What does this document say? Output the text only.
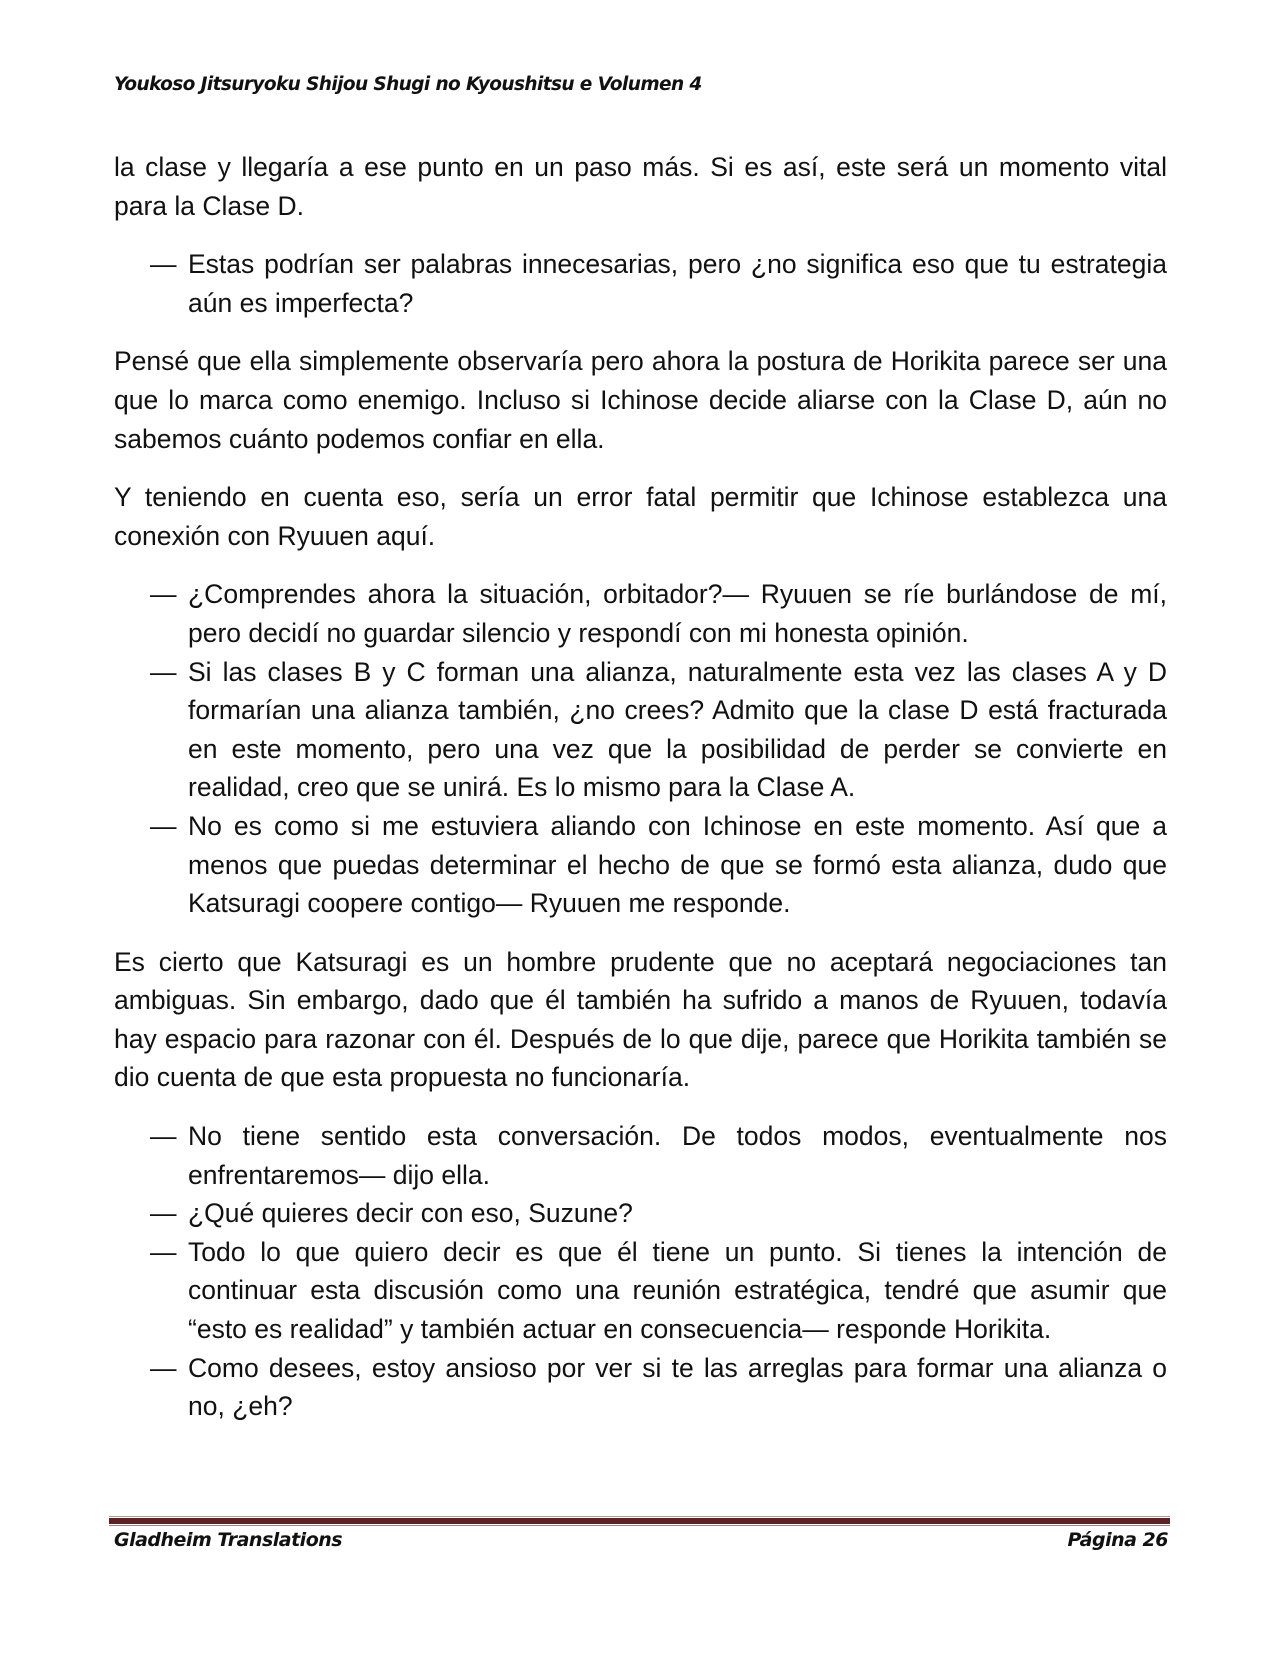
Youkoso Jitsuryoku Shijou Shugi no Kyoushitsu e Volumen 4

la clase y llegaría a ese punto en un paso más. Si es así, este será un momento vital para la Clase D.

— Estas podrían ser palabras innecesarias, pero ¿no significa eso que tu estrategia aún es imperfecta?

Pensé que ella simplemente observaría pero ahora la postura de Horikita parece ser una que lo marca como enemigo. Incluso si Ichinose decide aliarse con la Clase D, aún no sabemos cuánto podemos confiar en ella.

Y teniendo en cuenta eso, sería un error fatal permitir que Ichinose establezca una conexión con Ryuuen aquí.

— ¿Comprendes ahora la situación, orbitador?— Ryuuen se ríe burlándose de mí, pero decidí no guardar silencio y respondí con mi honesta opinión.

— Si las clases B y C forman una alianza, naturalmente esta vez las clases A y D formarían una alianza también, ¿no crees? Admito que la clase D está fracturada en este momento, pero una vez que la posibilidad de perder se convierte en realidad, creo que se unirá. Es lo mismo para la Clase A.

— No es como si me estuviera aliando con Ichinose en este momento. Así que a menos que puedas determinar el hecho de que se formó esta alianza, dudo que Katsuragi coopere contigo— Ryuuen me responde.

Es cierto que Katsuragi es un hombre prudente que no aceptará negociaciones tan ambiguas. Sin embargo, dado que él también ha sufrido a manos de Ryuuen, todavía hay espacio para razonar con él. Después de lo que dije, parece que Horikita también se dio cuenta de que esta propuesta no funcionaría.

— No tiene sentido esta conversación. De todos modos, eventualmente nos enfrentaremos— dijo ella.

— ¿Qué quieres decir con eso, Suzune?

— Todo lo que quiero decir es que él tiene un punto. Si tienes la intención de continuar esta discusión como una reunión estratégica, tendré que asumir que “esto es realidad” y también actuar en consecuencia— responde Horikita.

— Como desees, estoy ansioso por ver si te las arreglas para formar una alianza o no, ¿eh?

Gladheim Translations	Página 26
